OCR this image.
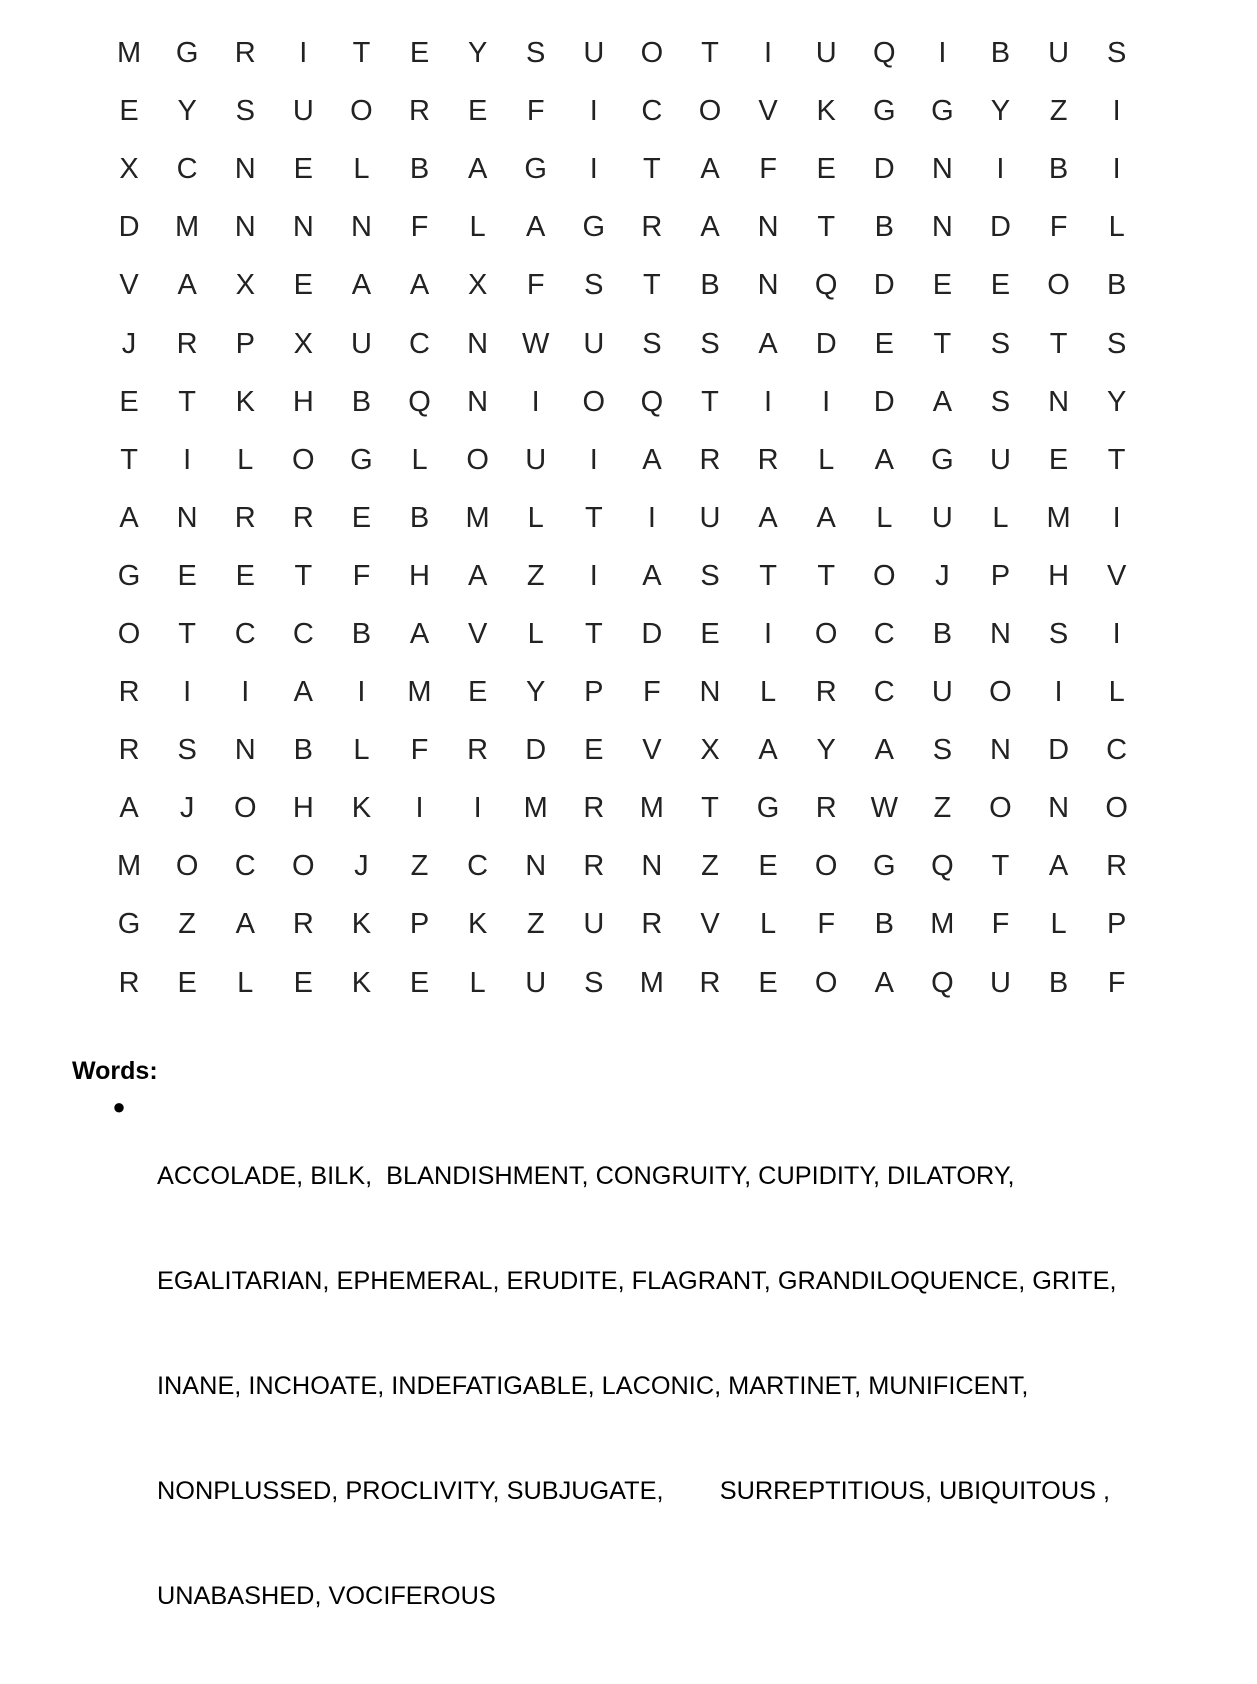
M	G	R	I	T	E	Y	S	U	O	T	I	U	Q	I	B	U	S
E	Y	S	U	O	R	E	F	I	C	O	V	K	G	G	Y	Z	I
X	C	N	E	L	B	A	G	I	T	A	F	E	D	N	I	B	I
D	M	N	N	N	F	L	A	G	R	A	N	T	B	N	D	F	L
V	A	X	E	A	A	X	F	S	T	B	N	Q	D	E	E	O	B
J	R	P	X	U	C	N	W	U	S	S	A	D	E	T	S	T	S
E	T	K	H	B	Q	N	I	O	Q	T	I	I	D	A	S	N	Y
T	I	L	O	G	L	O	U	I	A	R	R	L	A	G	U	E	T
A	N	R	R	E	B	M	L	T	I	U	A	A	L	U	L	M	I
G	E	E	T	F	H	A	Z	I	A	S	T	T	O	J	P	H	V
O	T	C	C	B	A	V	L	T	D	E	I	O	C	B	N	S	I
R	I	I	A	I	M	E	Y	P	F	N	L	R	C	U	O	I	L
R	S	N	B	L	F	R	D	E	V	X	A	Y	A	S	N	D	C
A	J	O	H	K	I	I	M	R	M	T	G	R	W	Z	O	N	O
M	O	C	O	J	Z	C	N	R	N	Z	E	O	G	Q	T	A	R
G	Z	A	R	K	P	K	Z	U	R	V	L	F	B	M	F	L	P
R	E	L	E	K	E	L	U	S	M	R	E	O	A	Q	U	B	F
Words:
●

ACCOLADE, BILK,  BLANDISHMENT, CONGRUITY, CUPIDITY, DILATORY,

EGALITARIAN, EPHEMERAL, ERUDITE, FLAGRANT, GRANDILOQUENCE, GRITE,

INANE, INCHOATE, INDEFATIGABLE, LACONIC, MARTINET, MUNIFICENT,

NONPLUSSED, PROCLIVITY, SUBJUGATE,        SURREPTITIOUS, UBIQUITOUS ,

UNABASHED, VOCIFEROUS
